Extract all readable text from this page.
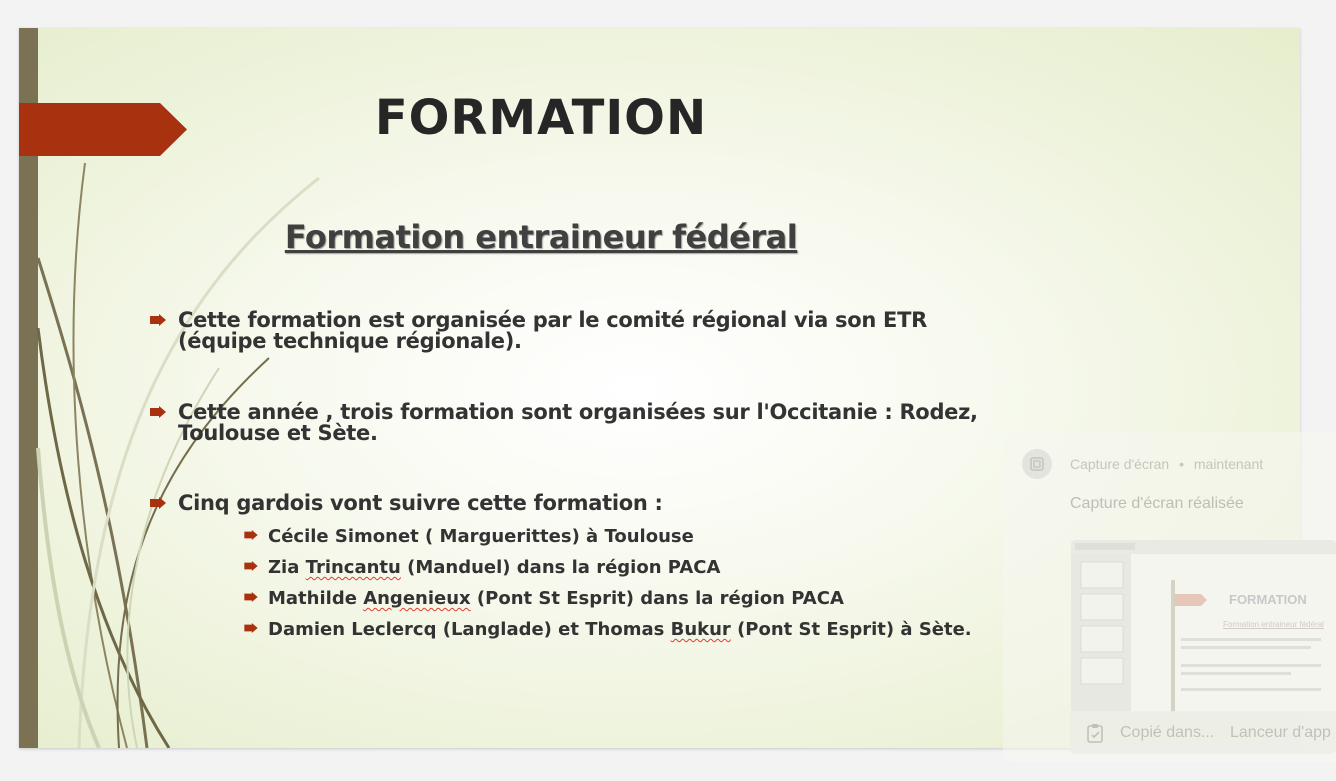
FORMATION
Formation entraineur fédéral
Cette formation est organisée par le comité régional via son ETR (équipe technique régionale).
Cette année , trois formation sont organisées sur l'Occitanie : Rodez, Toulouse et Sète.
Cinq gardois vont suivre cette formation :
Cécile Simonet ( Marguerittes) à Toulouse
Zia Trincantu (Manduel) dans la région PACA
Mathilde Angenieux (Pont St Esprit) dans la région PACA
Damien Leclercq (Langlade) et Thomas Bukur (Pont St Esprit) à Sète.
Capture d'écran • maintenant
Capture d'écran réalisée
FORMATION
Formation entraineur fédéral
Copié dans... Lanceur d'app
